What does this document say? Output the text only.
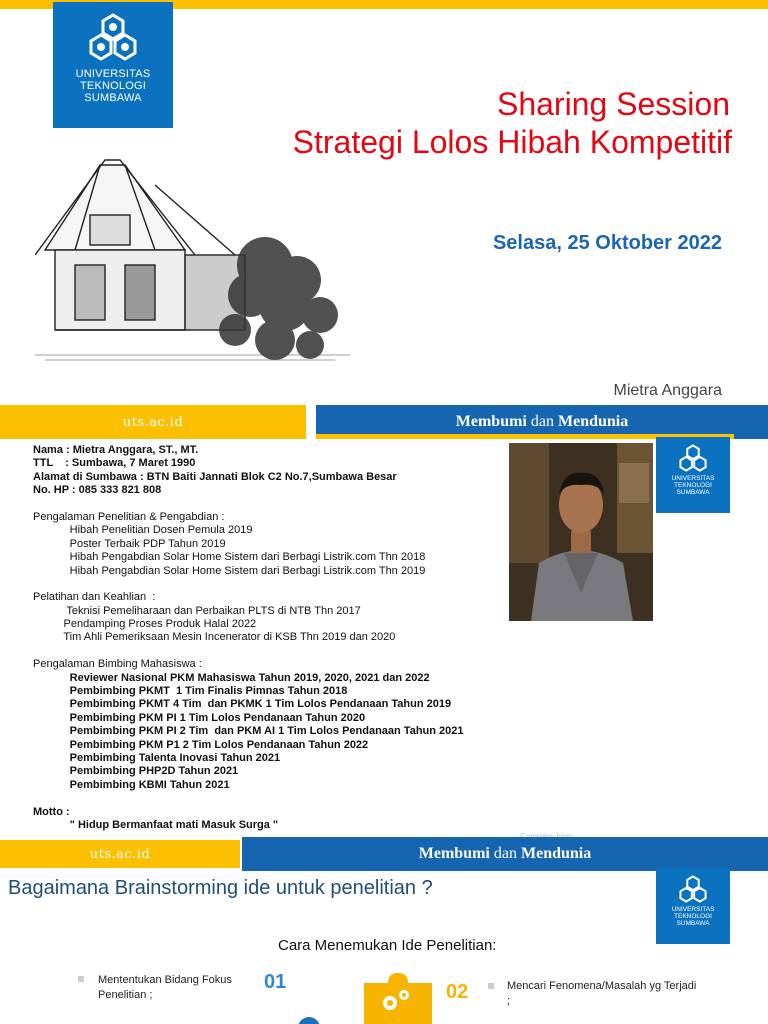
UNIVERSITAS
TEKNOLOGI
SUMBAWA	Sharing Session
Strategi Lolos Hibah Kompetitif
Selasa, 25 Oktober 2022
Mietra Anggara
uts.ac.id	Membumi dan Mendunia
Nama : Mietra Anggara, ST., MT.
TTL    : Sumbawa, 7 Maret 1990
Alamat di Sumbawa : BTN Baiti Jannati Blok C2 No.7,Sumbawa Besar
No. HP : 085 333 821 808
Pengalaman Penelitian & Pengabdian :
Hibah Penelitian Dosen Pemula 2019
Poster Terbaik PDP Tahun 2019
Hibah Pengabdian Solar Home Sistem dari Berbagi Listrik.com Thn 2018
Hibah Pengabdian Solar Home Sistem dari Berbagi Listrik.com Thn 2019
Pelatihan dan Keahlian  :
Teknisi Pemeliharaan dan Perbaikan PLTS di NTB Thn 2017
Pendamping Proses Produk Halal 2022
Tim Ahli Pemeriksaan Mesin Incenerator di KSB Thn 2019 dan 2020
Pengalaman Bimbing Mahasiswa :
Reviewer Nasional PKM Mahasiswa Tahun 2019, 2020, 2021 dan 2022
Pembimbing PKMT  1 Tim Finalis Pimnas Tahun 2018
Pembimbing PKMT 4 Tim  dan PKMK 1 Tim Lolos Pendanaan Tahun 2019
Pembimbing PKM PI 1 Tim Lolos Pendanaan Tahun 2020
Pembimbing PKM PI 2 Tim  dan PKM AI 1 Tim Lolos Pendanaan Tahun 2021
Pembimbing PKM P1 2 Tim Lolos Pendanaan Tahun 2022
Pembimbing Talenta Inovasi Tahun 2021
Pembimbing PHP2D Tahun 2021
Pembimbing KBMI Tahun 2021
Motto :
" Hidup Bermanfaat mati Masuk Surga "
UNIVERSITAS
TEKNOLOGI
SUMBAWA
uts.ac.id	Membumi dan Mendunia
Bagaimana Brainstorming ide untuk penelitian ?
UNIVERSITAS
TEKNOLOGI
SUMBAWA
Cara Menemukan Ide Penelitian:
Mententukan Bidang Fokus Penelitian ;
01	02	Mencari Fenomena/Masalah yg Terjadi ;
